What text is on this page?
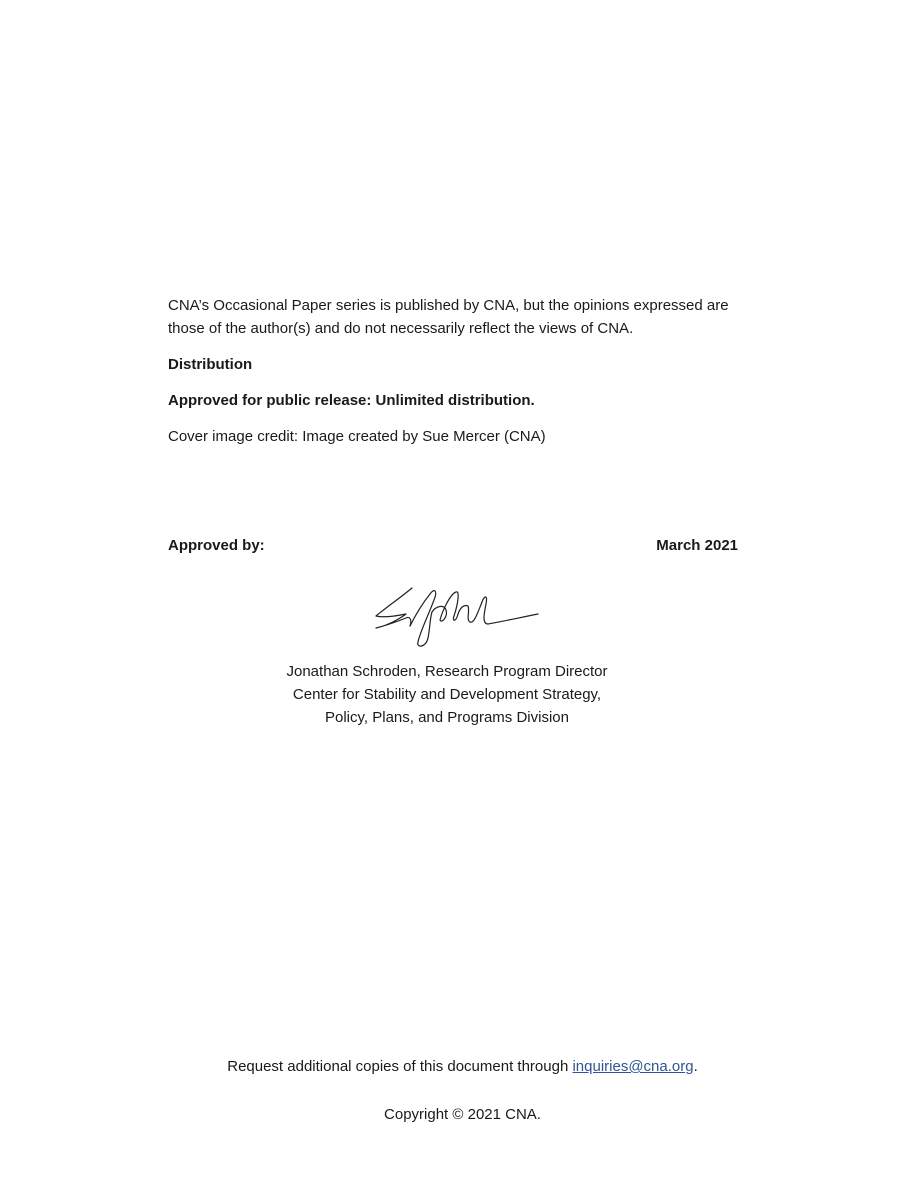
CNA’s Occasional Paper series is published by CNA, but the opinions expressed are those of the author(s) and do not necessarily reflect the views of CNA.
Distribution
Approved for public release: Unlimited distribution.
Cover image credit: Image created by Sue Mercer (CNA)
Approved by:	March 2021
Jonathan Schroden, Research Program Director
Center for Stability and Development Strategy,
Policy, Plans, and Programs Division
Request additional copies of this document through inquiries@cna.org.
Copyright © 2021 CNA.
